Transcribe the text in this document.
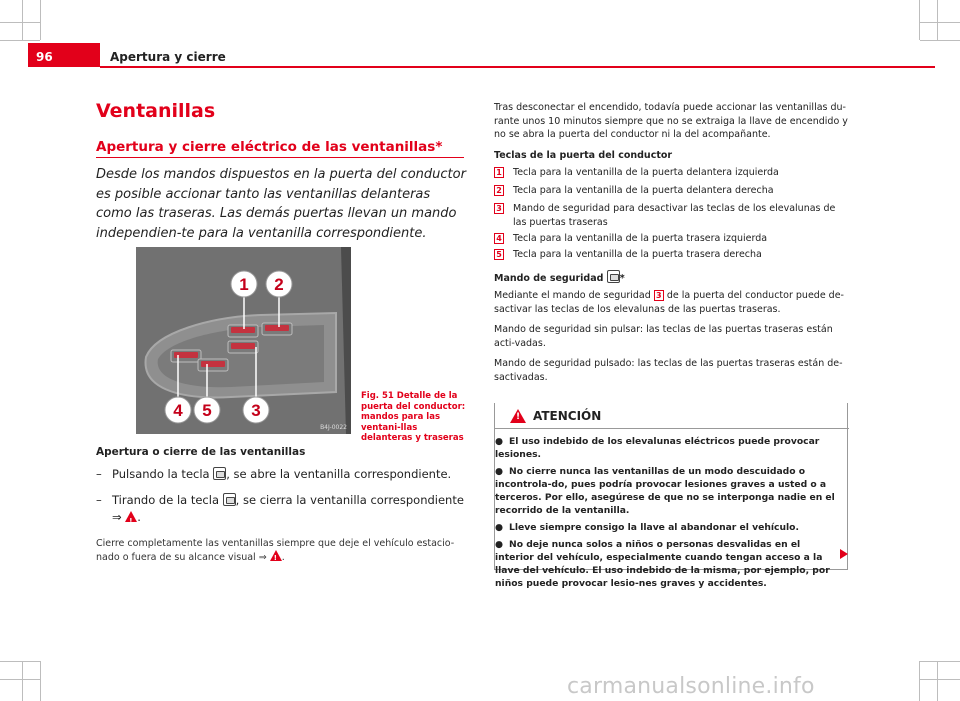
96	Apertura y cierre
Ventanillas
Apertura y cierre eléctrico de las ventanillas*
Desde los mandos dispuestos en la puerta del conductor es posible accionar tanto las ventanillas delanteras como las traseras. Las demás puertas llevan un mando independien-te para la ventanilla correspondiente.
1 2
4 5 3
B4J-0022
Fig. 51 Detalle de la puerta del conductor: mandos para las ventani-llas delanteras y traseras
Apertura o cierre de las ventanillas
– Pulsando la tecla , se abre la ventanilla correspondiente.
– Tirando de la tecla , se cierra la ventanilla correspondiente
⇒ ! .
Cierre completamente las ventanillas siempre que deje el vehículo estacio-nado o fuera de su alcance visual ⇒ ! .
Tras desconectar el encendido, todavía puede accionar las ventanillas du-rante unos 10 minutos siempre que no se extraiga la llave de encendido y no se abra la puerta del conductor ni la del acompañante.
Teclas de la puerta del conductor
1 Tecla para la ventanilla de la puerta delantera izquierda
2 Tecla para la ventanilla de la puerta delantera derecha
3 Mando de seguridad para desactivar las teclas de los elevalunas de las puertas traseras
4 Tecla para la ventanilla de la puerta trasera izquierda
5 Tecla para la ventanilla de la puerta trasera derecha
Mando de seguridad *
Mediante el mando de seguridad 3 de la puerta del conductor puede de-sactivar las teclas de los elevalunas de las puertas traseras.
Mando de seguridad sin pulsar: las teclas de las puertas traseras están acti-vadas.
Mando de seguridad pulsado: las teclas de las puertas traseras están de-sactivadas.
!
ATENCIÓN
● El uso indebido de los elevalunas eléctricos puede provocar lesiones.
● No cierre nunca las ventanillas de un modo descuidado o incontrola-do, pues podría provocar lesiones graves a usted o a terceros. Por ello, asegúrese de que no se interponga nadie en el recorrido de la ventanilla.
● Lleve siempre consigo la llave al abandonar el vehículo.
● No deje nunca solos a niños o personas desvalidas en el interior del vehículo, especialmente cuando tengan acceso a la llave del vehículo. El uso indebido de la misma, por ejemplo, por niños puede provocar lesio-nes graves y accidentes.
carmanualsonline.info
